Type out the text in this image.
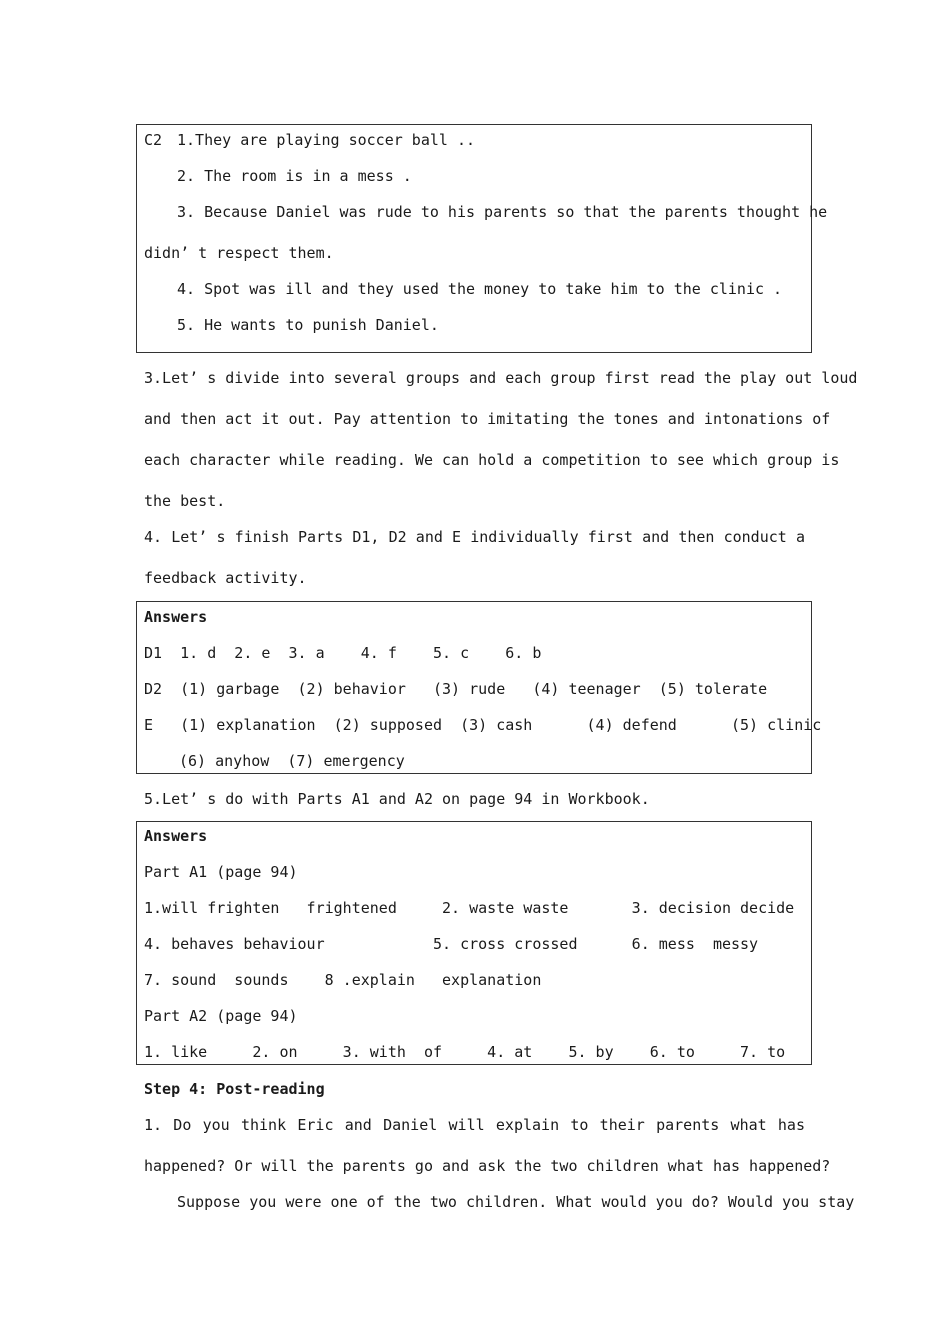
C2 1.They are playing soccer ball ..
2. The room is in a mess .
3. Because Daniel was rude to his parents so that the parents thought he
didn’ t respect them.
4. Spot was ill and they used the money to take him to the clinic .
5. He wants to punish Daniel.
3.Let’ s divide into several groups and each group first read the play out loud
and then act it out. Pay attention to imitating the tones and intonations of
each character while reading. We can hold a competition to see which group is
the best.
4. Let’ s finish Parts D1, D2 and E individually first and then conduct a
feedback activity.
Answers
D1  1. d  2. e  3. a    4. f    5. c    6. b
D2  (1) garbage  (2) behavior   (3) rude   (4) teenager  (5) tolerate
E   (1) explanation  (2) supposed  (3) cash      (4) defend      (5) clinic
(6) anyhow  (7) emergency
5.Let’ s do with Parts A1 and A2 on page 94 in Workbook.
Answers
Part A1 (page 94)
1.will frighten   frightened     2. waste waste       3. decision decide
4. behaves behaviour            5. cross crossed      6. mess  messy
7. sound  sounds    8 .explain   explanation
Part A2 (page 94)
1. like     2. on     3. with  of     4. at    5. by    6. to     7. to
Step 4: Post-reading
1. Do you think Eric and Daniel will explain to their parents what has
happened? Or will the parents go and ask the two children what has happened?
Suppose you were one of the two children. What would you do? Would you stay
